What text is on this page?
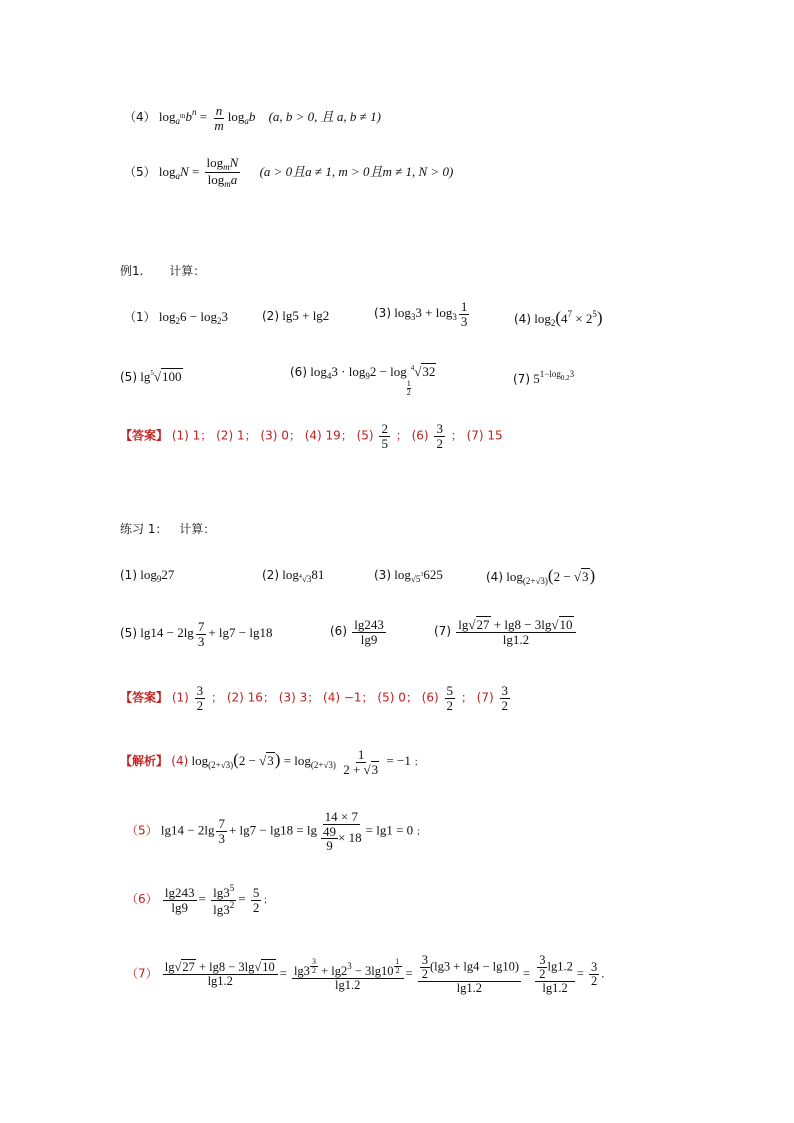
（4） $\log_{a^m}b^n = \frac{n}{m} \log_ab$ (a, b > 0, 且 a, b ≠ 1)
（5） $\log_aN = \frac{\log_mN}{\log_ma} (a > 0$且a ≠ 1, m > 0且m ≠ 1, N > 0)
例1. 计算：
（1） $\log_26 - \log_23$	(2) lg5 + lg2	(3) $\log_33 + \log_3 \frac{1}{3}$	(4) $\log_2(4^7 \times 2^5)$
(5) $\lg^5√100$	(6) $\log_43 \cdot \log_92 - \log$
$\frac{1}{2}$
$^4$√32	(7) $5^{1-log_{0.2}3}$
【答案】 (1) 1； (2) 1； (3) 0； (4) 19； $(5) \frac{2}{5}$ ； $(6) \frac{3}{2}$ ； (7) 15
练习 1： 计算：
(1) $\log_927$	(2) $\log_{^4√3}81$	(3) $\log_{√5^3}625$	(4) $\log_{(2+√3)}(2 - √3)$
(5) $\lg 14 - 2\lg \frac{7}{3} + \lg 7 - \lg 18$	$(6) \frac{\lg 243}{\lg 9}$	$(7) \frac{\lg√27 + \lg 8 - 3\lg√10}{\lg 1.2}$
【答案】 $(1) \frac{3}{2}$ ； (2) 16； (3) 3； (4) −1； (5) 0； $(6) \frac{5}{2}$ ； $(7) \frac{3}{2}$
【解析】 (4) $\log_{(2+√3)}(2 - √3) = \log_{(2+√3)} \frac{1}{2 + √3} = -1$ ；
（5） $\lg 14 - 2\lg \frac{7}{3} + \lg 7 - \lg 18 = \lg \frac{14 \times 7}{\frac{49}{9} \times 18} = \lg 1 = 0$ ；
$(6) \frac{\lg 243}{\lg 9} = \frac{\lg 3^5}{\lg 3^2} = \frac{5}{2}$ ；
$(7) \frac{\lg√27 + \lg 8 - 3\lg√10}{\lg 1.2} = \lg 3$ $^{\frac{3}{2}} + \lg 2^3 - 3\lg 10$ $^{\frac{1}{2}}$
$\lg 1.2 = \frac{\frac{3}{2} (\lg 3 + \lg 4 - \lg 10)}{\lg 1.2} = \frac{\frac{3}{2} \lg 1.2}{\lg 1.2} = \frac{3}{2}$ .
